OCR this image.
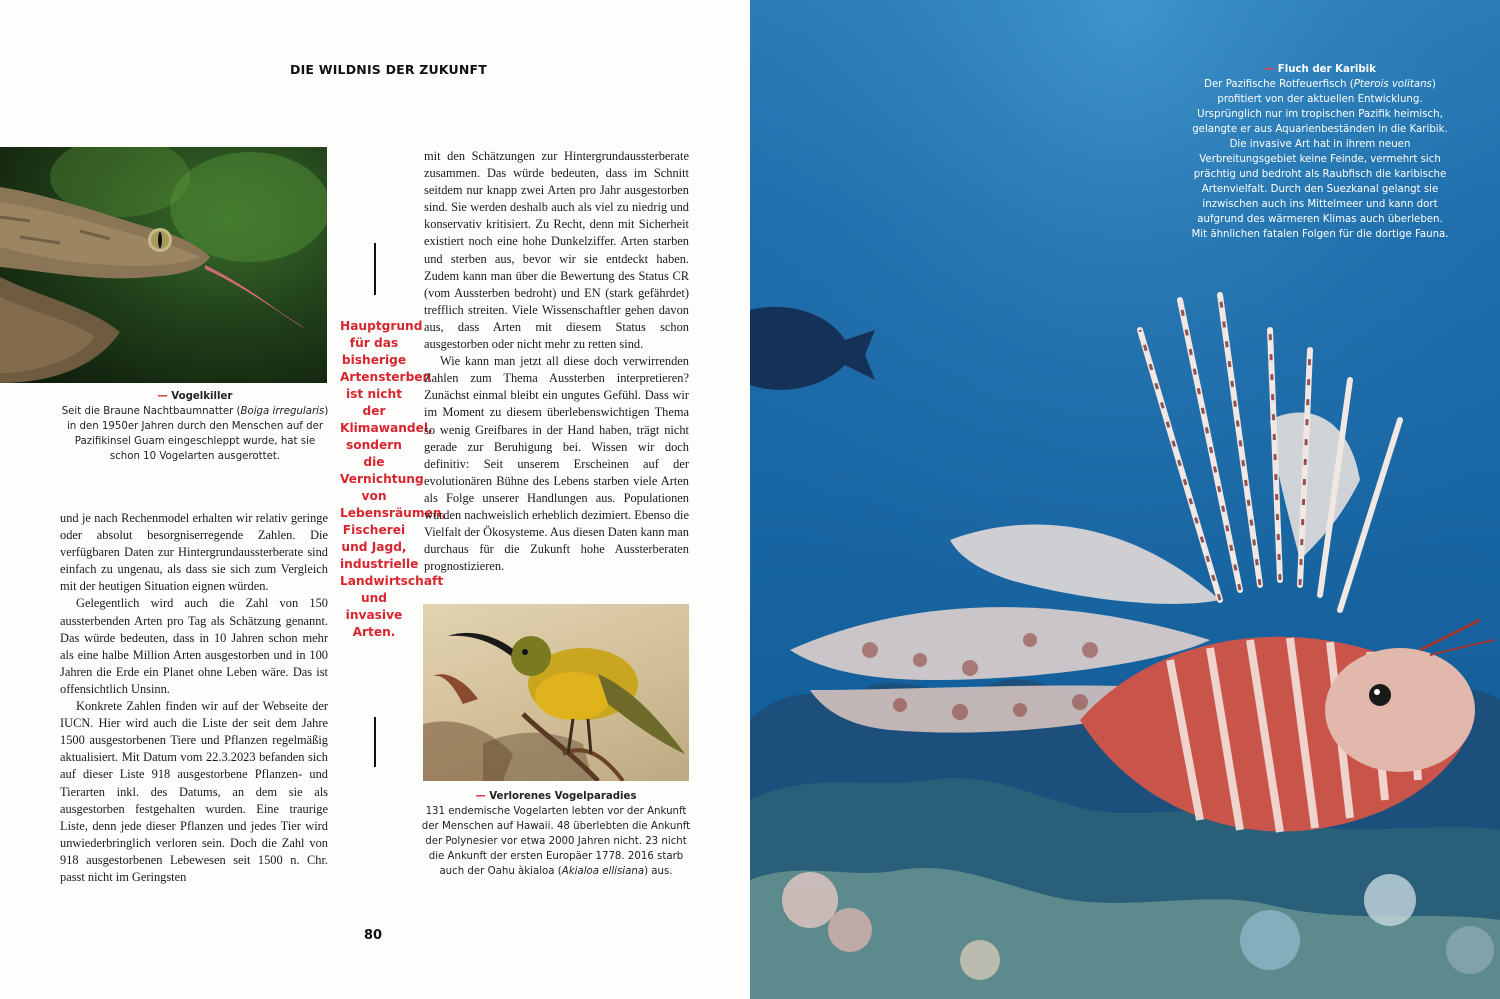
DIE WILDNIS DER ZUKUNFT
— Vogelkiller
Seit die Braune Nachtbaumnatter (Boiga irregularis) in den 1950er Jahren durch den Menschen auf der Pazifikinsel Guam eingeschleppt wurde, hat sie schon 10 Vogelarten ausgerottet.
Hauptgrund für das bisherige Artensterben ist nicht der Klimawandel, sondern die Vernichtung von Lebensräumen, Fischerei und Jagd, industrielle Landwirtschaft und invasive Arten.

und je nach Rechenmodel erhalten wir relativ geringe oder absolut besorgniserregende Zahlen. Die verfügbaren Daten zur Hintergrundaussterberate sind einfach zu ungenau, als dass sie sich zum Vergleich mit der heutigen Situation eignen würden.

Gelegentlich wird auch die Zahl von 150 aussterbenden Arten pro Tag als Schätzung genannt. Das würde bedeuten, dass in 10 Jahren schon mehr als eine halbe Million Arten ausgestorben und in 100 Jahren die Erde ein Planet ohne Leben wäre. Das ist offensichtlich Unsinn.

Konkrete Zahlen finden wir auf der Webseite der IUCN. Hier wird auch die Liste der seit dem Jahre 1500 ausgestorbenen Tiere und Pflanzen regelmäßig aktualisiert. Mit Datum vom 22.3.2023 befanden sich auf dieser Liste 918 ausgestorbene Pflanzen- und Tierarten inkl. des Datums, an dem sie als ausgestorben festgehalten wurden. Eine traurige Liste, denn jede dieser Pflanzen und jedes Tier wird unwiederbringlich verloren sein. Doch die Zahl von 918 ausgestorbenen Lebewesen seit 1500 n. Chr. passt nicht im Geringsten

mit den Schätzungen zur Hintergrundaussterberate zusammen. Das würde bedeuten, dass im Schnitt seitdem nur knapp zwei Arten pro Jahr ausgestorben sind. Sie werden deshalb auch als viel zu niedrig und konservativ kritisiert. Zu Recht, denn mit Sicherheit existiert noch eine hohe Dunkelziffer. Arten starben und sterben aus, bevor wir sie entdeckt haben. Zudem kann man über die Bewertung des Status CR (vom Aussterben bedroht) und EN (stark gefährdet) trefflich streiten. Viele Wissenschaftler gehen davon aus, dass Arten mit diesem Status schon ausgestorben oder nicht mehr zu retten sind.

Wie kann man jetzt all diese doch verwirrenden Zahlen zum Thema Aussterben interpretieren? Zunächst einmal bleibt ein ungutes Gefühl. Dass wir im Moment zu diesem überlebenswichtigen Thema so wenig Greifbares in der Hand haben, trägt nicht gerade zur Beruhigung bei. Wissen wir doch definitiv: Seit unserem Erscheinen auf der evolutionären Bühne des Lebens starben viele Arten als Folge unserer Handlungen aus. Populationen wurden nachweislich erheblich dezimiert. Ebenso die Vielfalt der Ökosysteme. Aus diesen Daten kann man durchaus für die Zukunft hohe Aussterberaten prognostizieren.

— Verlorenes Vogelparadies
131 endemische Vogelarten lebten vor der Ankunft der Menschen auf Hawaii. 48 überlebten die Ankunft der Polynesier vor etwa 2000 Jahren nicht. 23 nicht die Ankunft der ersten Europäer 1778. 2016 starb auch der Oahu àkialoa (Akialoa ellisiana) aus.
80
— Fluch der Karibik
Der Pazifische Rotfeuerfisch (Pterois volitans) profitiert von der aktuellen Entwicklung. Ursprünglich nur im tropischen Pazifik heimisch, gelangte er aus Aquarienbeständen in die Karibik. Die invasive Art hat in ihrem neuen Verbreitungsgebiet keine Feinde, vermehrt sich prächtig und bedroht als Raubfisch die karibische Artenvielfalt. Durch den Suezkanal gelangt sie inzwischen auch ins Mittelmeer und kann dort aufgrund des wärmeren Klimas auch überleben. Mit ähnlichen fatalen Folgen für die dortige Fauna.
